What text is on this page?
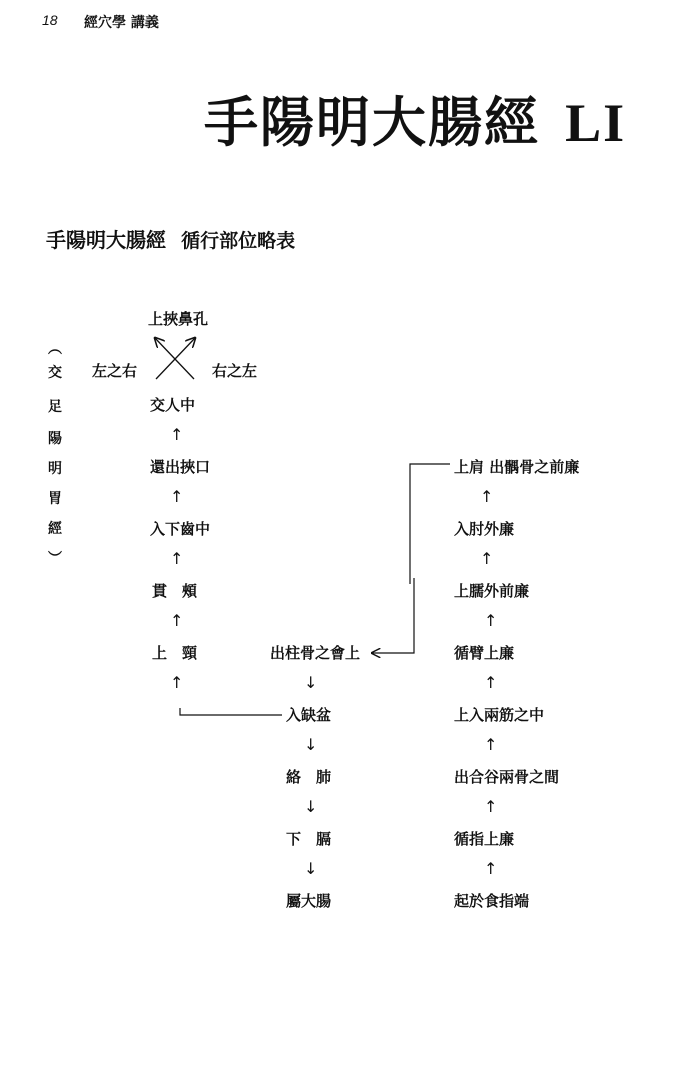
18 經穴學 講義
手陽明大腸經 LI
手陽明大腸經 循行部位略表
︵
交
足
陽
明
胃
經
︶
上挾鼻孔
左之右	右之左
交人中
↑
還出挾口
↑
入下齒中
↑
貫　頰
↑
上　頸
↑
出柱骨之會上
↓
入缺盆
↓
絡　肺
↓
下　膈
↓
屬大腸
上肩 出髃骨之前廉
↑
入肘外廉
↑
上臑外前廉
↑
循臂上廉
↑
上入兩筋之中
↑
出合谷兩骨之間
↑
循指上廉
↑
起於食指端
